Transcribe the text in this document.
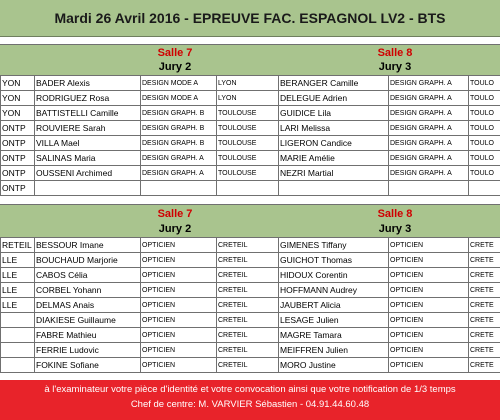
Mardi 26 Avril 2016 - EPREUVE FAC. ESPAGNOL LV2 - BTS
Salle 7
Jury 2
Salle 8
Jury 3
YON	BADER Alexis	DESIGN MODE A	LYON	BERANGER Camille	DESIGN GRAPH. A	TOULO
YON	RODRIGUEZ Rosa	DESIGN MODE A	LYON	DELEGUE Adrien	DESIGN GRAPH. A	TOULO
YON	BATTISTELLI Camille	DESIGN GRAPH. B	TOULOUSE	GUIDICE Lila	DESIGN GRAPH. A	TOULO
ONTP	ROUVIERE Sarah	DESIGN GRAPH. B	TOULOUSE	LARI Melissa	DESIGN GRAPH. A	TOULO
ONTP	VILLA Mael	DESIGN GRAPH. B	TOULOUSE	LIGERON Candice	DESIGN GRAPH. A	TOULO
ONTP	SALINAS Maria	DESIGN GRAPH. A	TOULOUSE	MARIE Amélie	DESIGN GRAPH. A	TOULO
ONTP	OUSSENI Archimed	DESIGN GRAPH. A	TOULOUSE	NEZRI Martial	DESIGN GRAPH. A	TOULO
ONTP						
Salle 7
Jury 2
Salle 8
Jury 3
RETEIL	BESSOUR Imane	OPTICIEN	CRETEIL	GIMENES Tiffany	OPTICIEN	CRETE
LLE	BOUCHAUD Marjorie	OPTICIEN	CRETEIL	GUICHOT Thomas	OPTICIEN	CRETE
LLE	CABOS Célia	OPTICIEN	CRETEIL	HIDOUX Corentin	OPTICIEN	CRETE
LLE	CORBEL Yohann	OPTICIEN	CRETEIL	HOFFMANN Audrey	OPTICIEN	CRETE
LLE	DELMAS Anais	OPTICIEN	CRETEIL	JAUBERT Alicia	OPTICIEN	CRETE
	DIAKIESE Guillaume	OPTICIEN	CRETEIL	LESAGE Julien	OPTICIEN	CRETE
	FABRE Mathieu	OPTICIEN	CRETEIL	MAGRE Tamara	OPTICIEN	CRETE
	FERRIE Ludovic	OPTICIEN	CRETEIL	MEIFFREN Julien	OPTICIEN	CRETE
	FOKINE Sofiane	OPTICIEN	CRETEIL	MORO Justine	OPTICIEN	CRETE
à l'examinateur votre pièce d'identité et votre convocation ainsi que votre notification de 1/3 temps
Chef de centre: M. VARVIER Sébastien - 04.91.44.60.48
